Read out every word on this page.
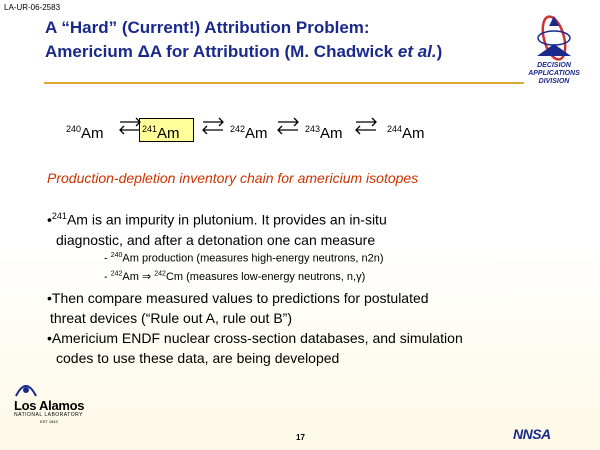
LA-UR-06-2583
A “Hard” (Current!) Attribution Problem:
Americium ΔA for Attribution (M. Chadwick et al.)
DECISION
APPLICATIONS
DIVISION
$^{240}$Am	$^{241}$Am	$^{242}$Am	$^{243}$Am	$^{244}$Am
Production-depletion inventory chain for americium isotopes
•$^{241}$Am is an impurity in plutonium. It provides an in-situ
diagnostic, and after a detonation one can measure
- $^{240}$Am production (measures high-energy neutrons, n2n)
- $^{242}$Am ⇒ $^{242}$Cm (measures low-energy neutrons, n,γ)
•Then compare measured values to predictions for postulated
threat devices (“Rule out A, rule out B”)
•Americium ENDF nuclear cross-section databases, and simulation
codes to use these data, are being developed
Los Alamos
NATIONAL LABORATORY
EST 1943
17	NNSA
